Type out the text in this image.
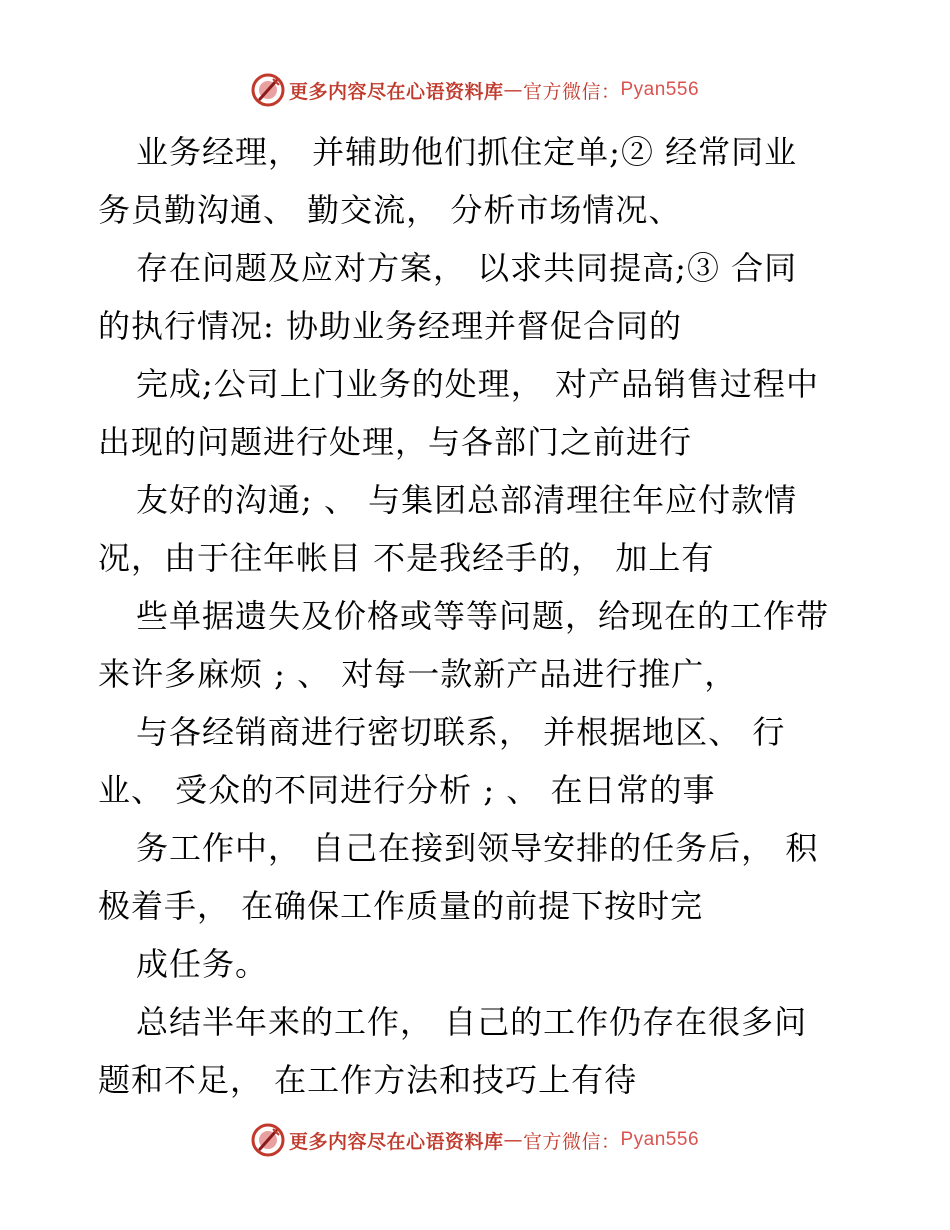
更多内容尽在心语资料库 — 官方微信： Pyan556
业务经理， 并辅助他们抓住定单;② 经常同业
务员勤沟通、 勤交流， 分析市场情况、
存在问题及应对方案， 以求共同提高;③ 合同
的执行情况: 协助业务经理并督促合同的
完成;公司上门业务的处理， 对产品销售过程中
出现的问题进行处理，与各部门之前进行
友好的沟通; 、 与集团总部清理往年应付款情
况，由于往年帐目 不是我经手的， 加上有
些单据遗失及价格或等等问题，给现在的工作带
来许多麻烦 ; 、 对每一款新产品进行推广，
与各经销商进行密切联系， 并根据地区、 行
业、 受众的不同进行分析 ; 、 在日常的事
务工作中， 自己在接到领导安排的任务后， 积
极着手， 在确保工作质量的前提下按时完
成任务。
总结半年来的工作， 自己的工作仍存在很多问
题和不足， 在工作方法和技巧上有待
更多内容尽在心语资料库 — 官方微信： Pyan556
